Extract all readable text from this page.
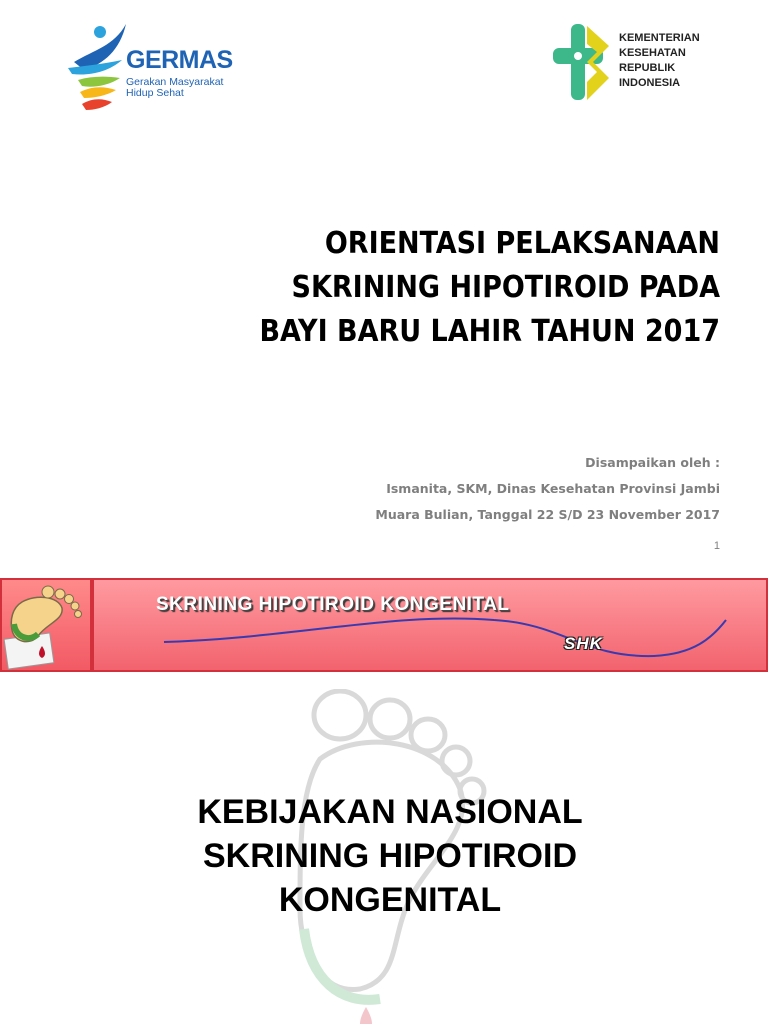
GERMAS
Gerakan Masyarakat
Hidup Sehat
KEMENTERIAN
KESEHATAN
REPUBLIK
INDONESIA
ORIENTASI PELAKSANAAN
SKRINING HIPOTIROID PADA
BAYI BARU LAHIR TAHUN 2017
Disampaikan oleh :
Ismanita, SKM, Dinas Kesehatan Provinsi Jambi
Muara Bulian, Tanggal 22 S/D 23 November 2017
1
SKRINING HIPOTIROID KONGENITAL
SHK
KEBIJAKAN NASIONAL
SKRINING HIPOTIROID
KONGENITAL
